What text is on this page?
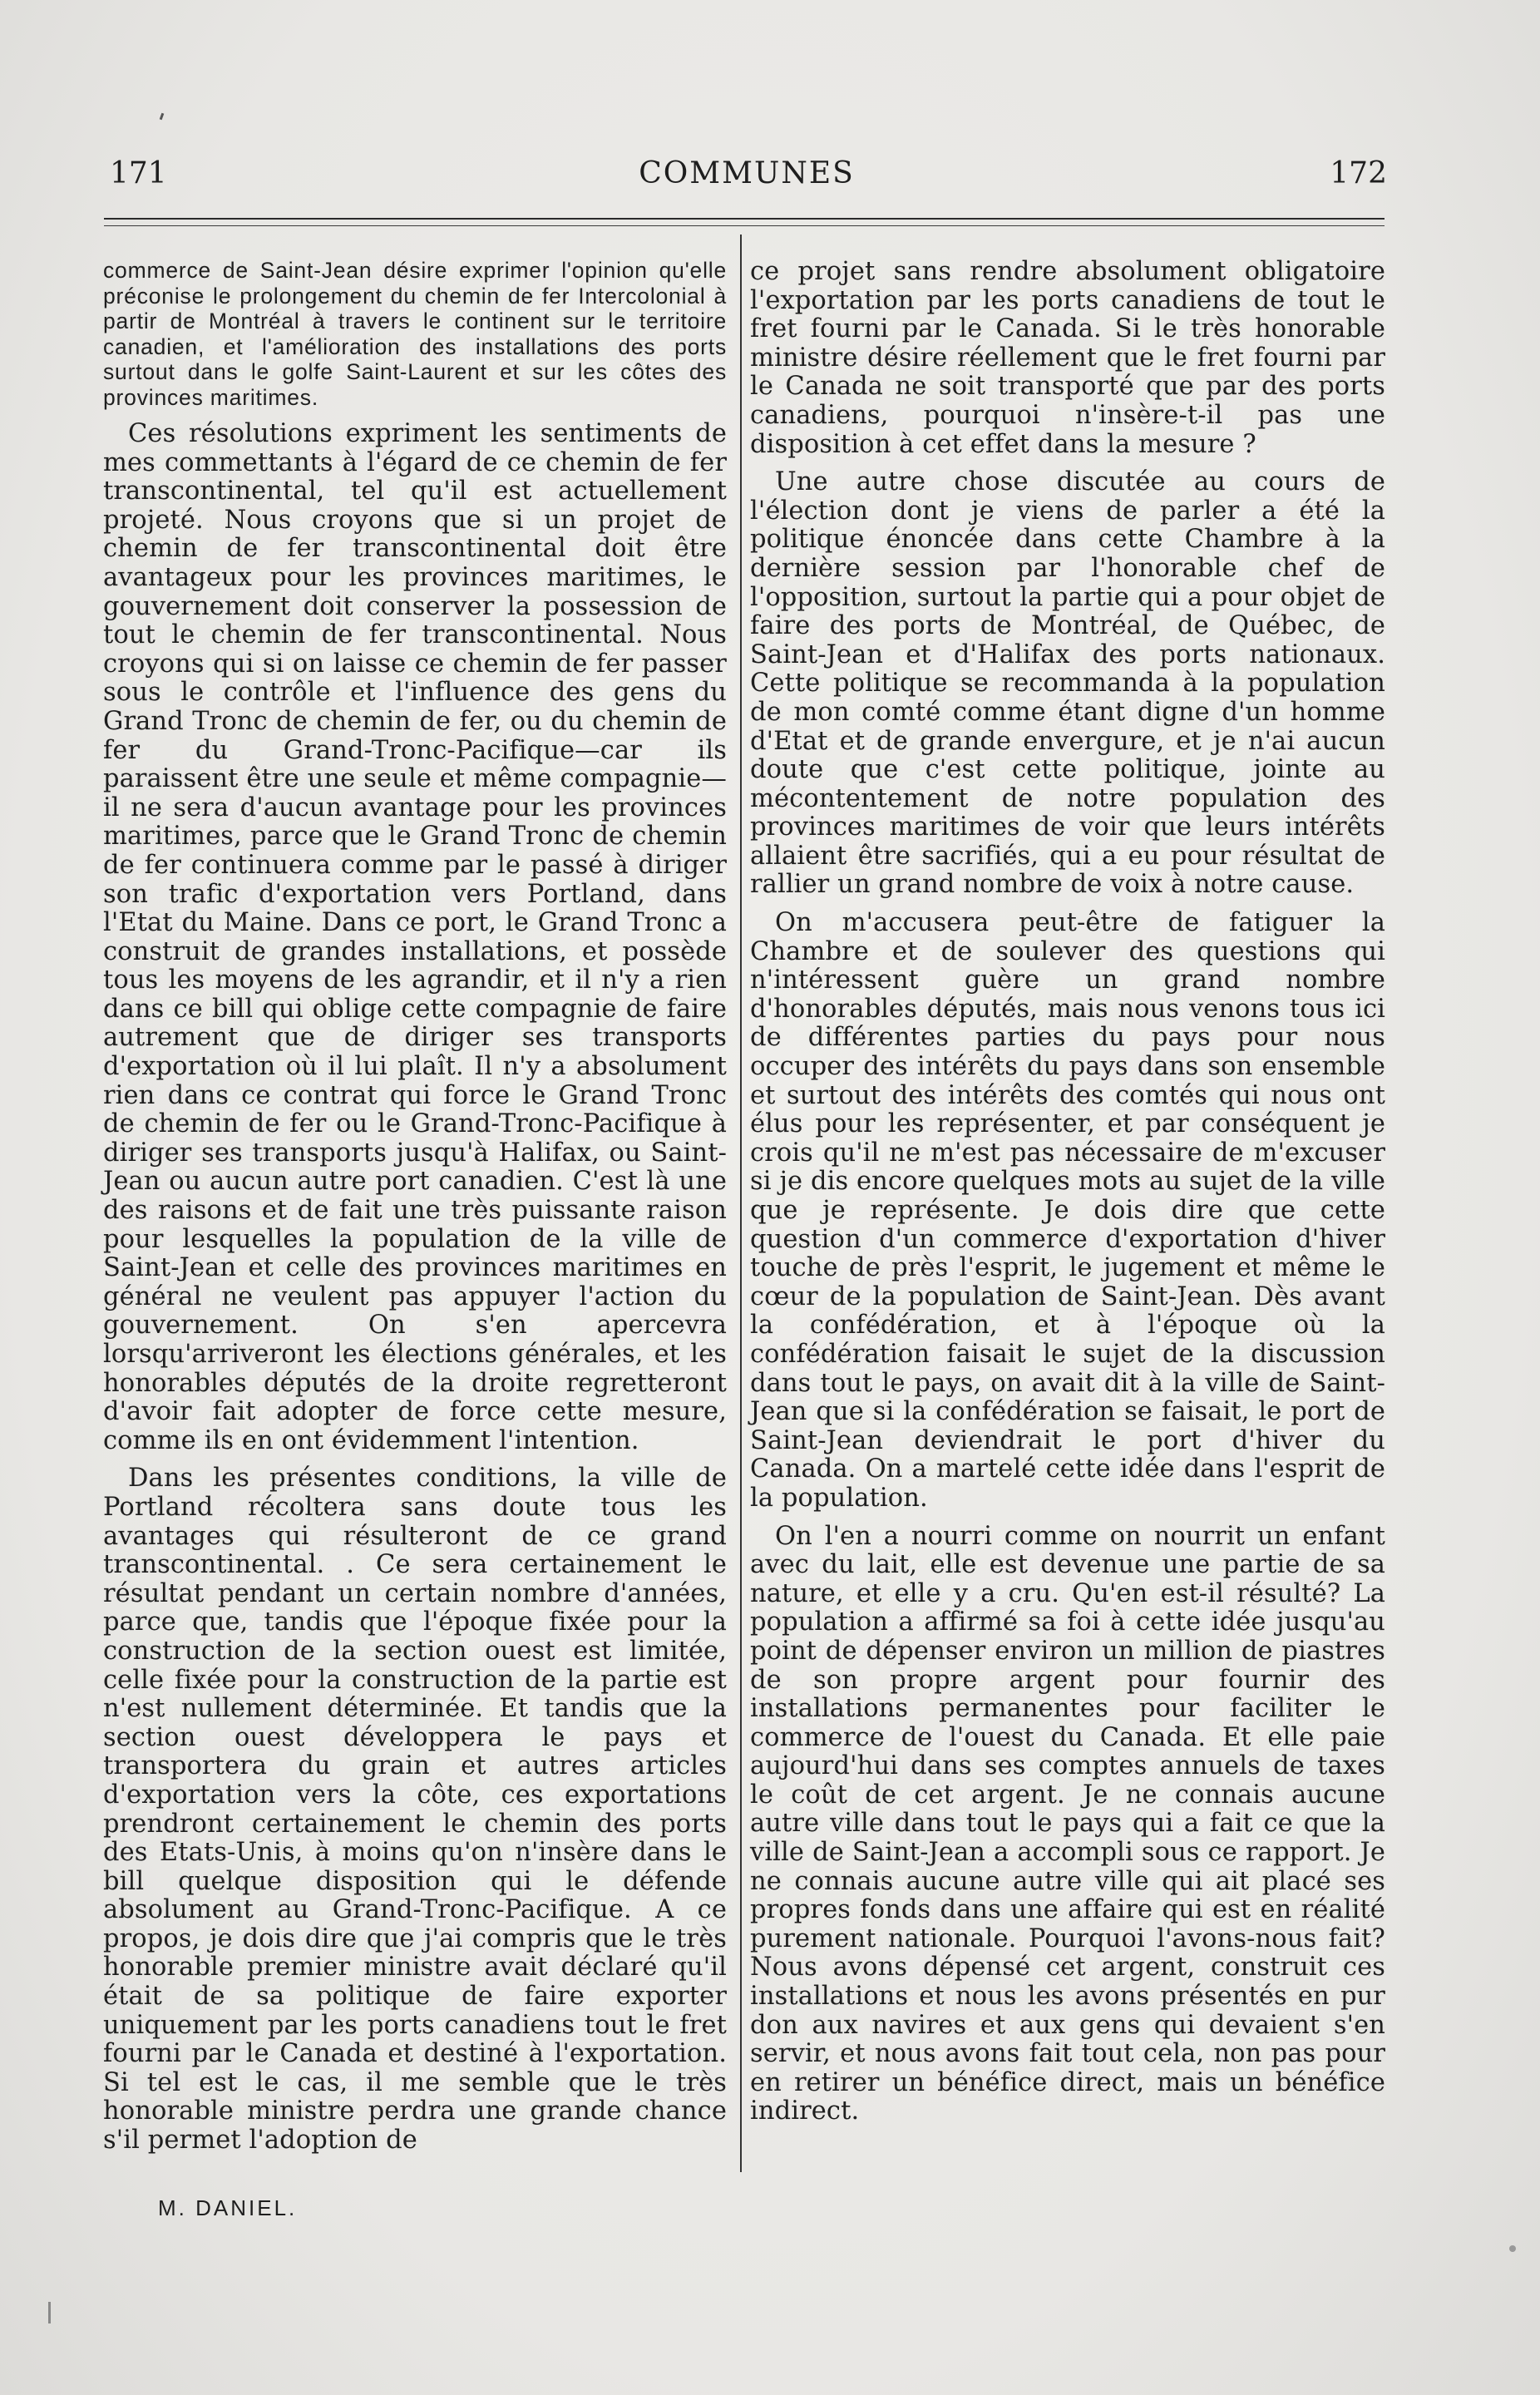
171	COMMUNES	172

commerce de Saint-Jean désire exprimer l'opinion qu'elle préconise le prolongement du chemin de fer Intercolonial à partir de Montréal à travers le continent sur le territoire canadien, et l'amélioration des installations des ports surtout dans le golfe Saint-Laurent et sur les côtes des provinces maritimes.

Ces résolutions expriment les sentiments de mes commettants à l'égard de ce chemin de fer transcontinental, tel qu'il est actuellement projeté. Nous croyons que si un projet de chemin de fer transcontinental doit être avantageux pour les provinces maritimes, le gouvernement doit conserver la possession de tout le chemin de fer transcontinental. Nous croyons qui si on laisse ce chemin de fer passer sous le contrôle et l'influence des gens du Grand Tronc de chemin de fer, ou du chemin de fer du Grand-Tronc-Pacifique—car ils paraissent être une seule et même compagnie—il ne sera d'aucun avantage pour les provinces maritimes, parce que le Grand Tronc de chemin de fer continuera comme par le passé à diriger son trafic d'exportation vers Portland, dans l'Etat du Maine. Dans ce port, le Grand Tronc a construit de grandes installations, et possède tous les moyens de les agrandir, et il n'y a rien dans ce bill qui oblige cette compagnie de faire autrement que de diriger ses transports d'exportation où il lui plaît. Il n'y a absolument rien dans ce contrat qui force le Grand Tronc de chemin de fer ou le Grand-Tronc-Pacifique à diriger ses transports jusqu'à Halifax, ou Saint-Jean ou aucun autre port canadien. C'est là une des raisons et de fait une très puissante raison pour lesquelles la population de la ville de Saint-Jean et celle des provinces maritimes en général ne veulent pas appuyer l'action du gouvernement. On s'en apercevra lorsqu'arriveront les élections générales, et les honorables députés de la droite regretteront d'avoir fait adopter de force cette mesure, comme ils en ont évidemment l'intention.

Dans les présentes conditions, la ville de Portland récoltera sans doute tous les avantages qui résulteront de ce grand transcontinental. . Ce sera certainement le résultat pendant un certain nombre d'années, parce que, tandis que l'époque fixée pour la construction de la section ouest est limitée, celle fixée pour la construction de la partie est n'est nullement déterminée. Et tandis que la section ouest développera le pays et transportera du grain et autres articles d'exportation vers la côte, ces exportations prendront certainement le chemin des ports des Etats-Unis, à moins qu'on n'insère dans le bill quelque disposition qui le défende absolument au Grand-Tronc-Pacifique. A ce propos, je dois dire que j'ai compris que le très honorable premier ministre avait déclaré qu'il était de sa politique de faire exporter uniquement par les ports canadiens tout le fret fourni par le Canada et destiné à l'exportation. Si tel est le cas, il me semble que le très honorable ministre perdra une grande chance s'il permet l'adoption de

M. DANIEL.

ce projet sans rendre absolument obligatoire l'exportation par les ports canadiens de tout le fret fourni par le Canada. Si le très honorable ministre désire réellement que le fret fourni par le Canada ne soit transporté que par des ports canadiens, pourquoi n'insère-t-il pas une disposition à cet effet dans la mesure ?

Une autre chose discutée au cours de l'élection dont je viens de parler a été la politique énoncée dans cette Chambre à la dernière session par l'honorable chef de l'opposition, surtout la partie qui a pour objet de faire des ports de Montréal, de Québec, de Saint-Jean et d'Halifax des ports nationaux. Cette politique se recommanda à la population de mon comté comme étant digne d'un homme d'Etat et de grande envergure, et je n'ai aucun doute que c'est cette politique, jointe au mécontentement de notre population des provinces maritimes de voir que leurs intérêts allaient être sacrifiés, qui a eu pour résultat de rallier un grand nombre de voix à notre cause.

On m'accusera peut-être de fatiguer la Chambre et de soulever des questions qui n'intéressent guère un grand nombre d'honorables députés, mais nous venons tous ici de différentes parties du pays pour nous occuper des intérêts du pays dans son ensemble et surtout des intérêts des comtés qui nous ont élus pour les représenter, et par conséquent je crois qu'il ne m'est pas nécessaire de m'excuser si je dis encore quelques mots au sujet de la ville que je représente. Je dois dire que cette question d'un commerce d'exportation d'hiver touche de près l'esprit, le jugement et même le cœur de la population de Saint-Jean. Dès avant la confédération, et à l'époque où la confédération faisait le sujet de la discussion dans tout le pays, on avait dit à la ville de Saint-Jean que si la confédération se faisait, le port de Saint-Jean deviendrait le port d'hiver du Canada. On a martelé cette idée dans l'esprit de la population.

On l'en a nourri comme on nourrit un enfant avec du lait, elle est devenue une partie de sa nature, et elle y a cru. Qu'en est-il résulté? La population a affirmé sa foi à cette idée jusqu'au point de dépenser environ un million de piastres de son propre argent pour fournir des installations permanentes pour faciliter le commerce de l'ouest du Canada. Et elle paie aujourd'hui dans ses comptes annuels de taxes le coût de cet argent. Je ne connais aucune autre ville dans tout le pays qui a fait ce que la ville de Saint-Jean a accompli sous ce rapport. Je ne connais aucune autre ville qui ait placé ses propres fonds dans une affaire qui est en réalité purement nationale. Pourquoi l'avons-nous fait? Nous avons dépensé cet argent, construit ces installations et nous les avons présentés en pur don aux navires et aux gens qui devaient s'en servir, et nous avons fait tout cela, non pas pour en retirer un bénéfice direct, mais un bénéfice indirect.
